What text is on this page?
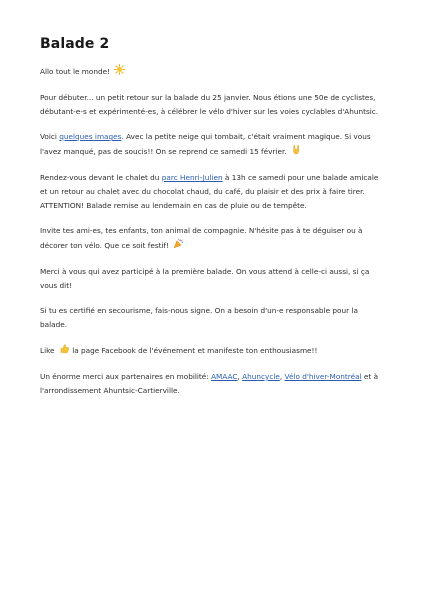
Balade 2

Allo tout le monde!

Pour débuter... un petit retour sur la balade du 25 janvier. Nous étions une 50e de cyclistes, débutant-e-s et expérimenté-es, à célébrer le vélo d'hiver sur les voies cyclables d'Ahuntsic.

Voici quelques images. Avec la petite neige qui tombait, c'était vraiment magique. Si vous l'avez manqué, pas de soucis!! On se reprend ce samedi 15 février.

Rendez-vous devant le chalet du parc Henri-Julien à 13h ce samedi pour une balade amicale et un retour au chalet avec du chocolat chaud, du café, du plaisir et des prix à faire tirer. ATTENTION! Balade remise au lendemain en cas de pluie ou de tempête.

Invite tes ami-es, tes enfants, ton animal de compagnie. N'hésite pas à te déguiser ou à décorer ton vélo. Que ce soit festif!

Merci à vous qui avez participé à la première balade. On vous attend à celle-ci aussi, si ça vous dit!

Si tu es certifié en secourisme, fais-nous signe. On a besoin d'un-e responsable pour la balade.

Like  la page Facebook de l'événement et manifeste ton enthousiasme!!

Un énorme merci aux partenaires en mobilité: AMAAC, Ahuncycle, Vélo d'hiver-Montréal et à l'arrondissement Ahuntsic-Cartierville.
